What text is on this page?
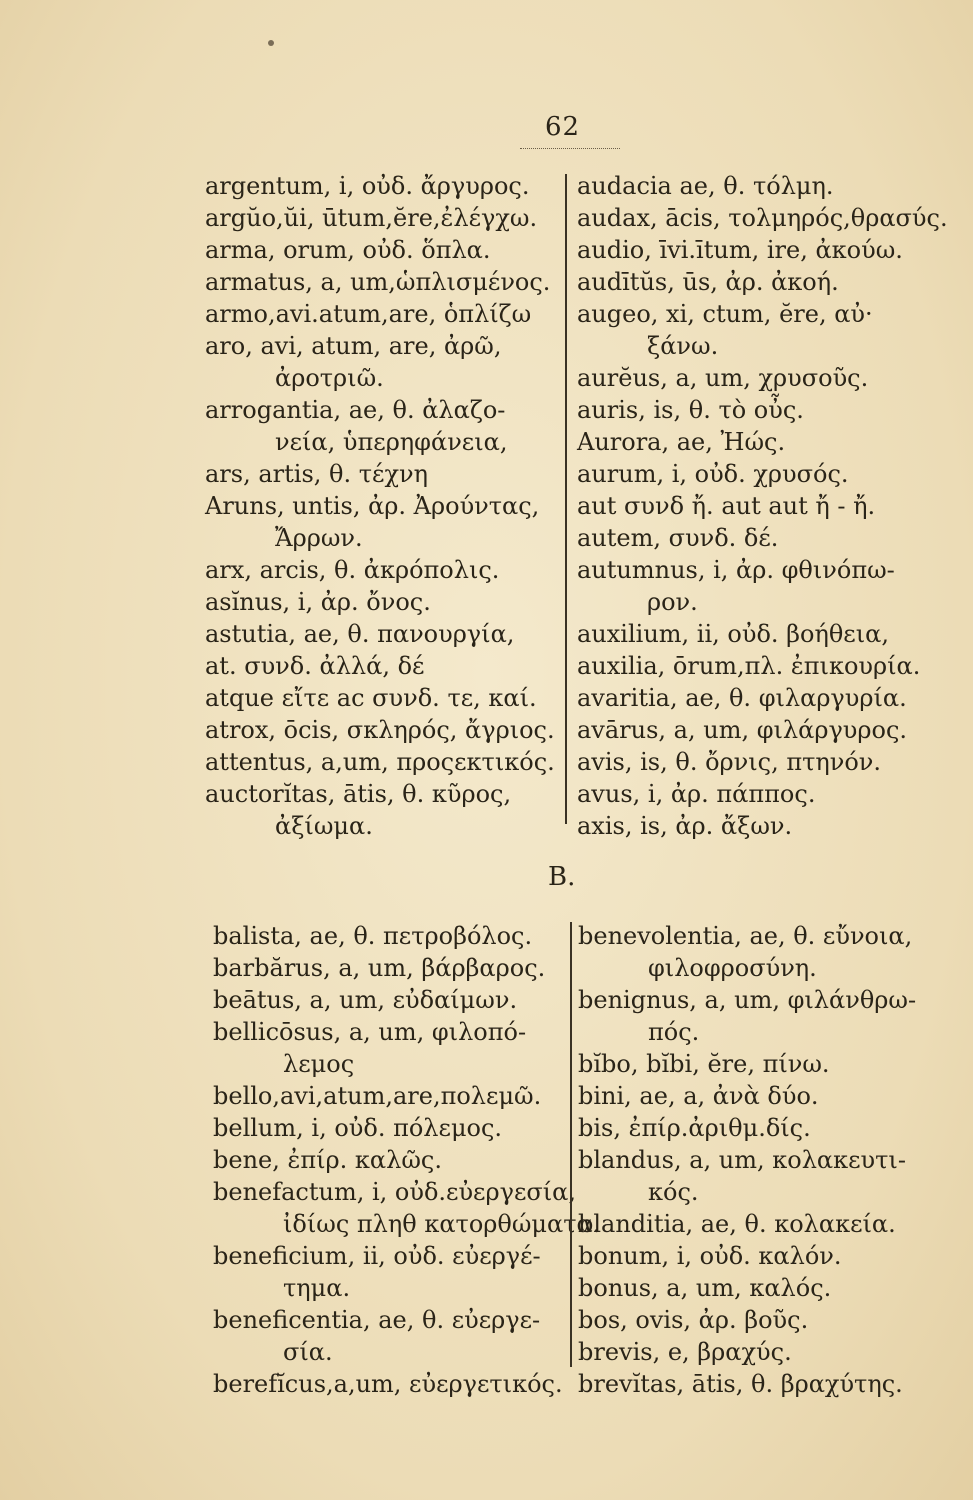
62
argentum, i, οὐδ. ἄργυρος.
argŭo,ŭi, ūtum,ĕre,ἐλέγχω.
arma, orum, οὐδ. ὅπλα.
armatus, a, um,ὡπλισμένος.
armo,avi.atum,are, ὁπλίζω
aro, avi, atum, are, ἀρῶ,
ἀροτριῶ.
arrogantia, ae, θ. ἀλαζο-
νεία, ὑπερηφάνεια,
ars, artis, θ. τέχνη
Aruns, untis, ἀρ. Ἀρούντας,
Ἄρρων.
arx, arcis, θ. ἀκρόπολις.
asĭnus, i, ἀρ. ὄνος.
astutia, ae, θ. πανουργία,
at. συνδ. ἀλλά, δέ
atque εἴτε ac συνδ. τε, καί.
atrox, ōcis, σκληρός, ἄγριος.
attentus, a,um, προςεκτικός.
auctorĭtas, ātis, θ. κῦρος,
ἀξίωμα.
audacia ae, θ. τόλμη.
audax, ācis, τολμηρός,θρασύς.
audio, īvi.ītum, ire, ἀκούω.
audītŭs, ūs, ἀρ. ἀκοή.
augeo, xi, ctum, ĕre, αὐ·
ξάνω.
aurĕus, a, um, χρυσοῦς.
auris, is, θ. τὸ οὖς.
Aurora, ae, Ἠώς.
aurum, i, οὐδ. χρυσός.
aut συνδ ἤ. aut aut ἤ - ἤ.
autem, συνδ. δέ.
autumnus, i, ἀρ. φθινόπω-
ρον.
auxilium, ii, οὐδ. βοήθεια,
auxilia, ōrum,πλ. ἐπικουρία.
avaritia, ae, θ. φιλαργυρία.
avārus, a, um, φιλάργυρος.
avis, is, θ. ὄρνις, πτηνόν.
avus, i, ἀρ. πάππος.
axis, is, ἀρ. ἄξων.
B.
balista, ae, θ. πετροβόλος.
barbărus, a, um, βάρβαρος.
beātus, a, um, εὐδαίμων.
bellicōsus, a, um, φιλοπό-
λεμος
bello,avi,atum,are,πολεμῶ.
bellum, i, οὐδ. πόλεμος.
bene, ἐπίρ. καλῶς.
benefactum, i, οὐδ.εὐεργεσία,
ἰδίως πληθ κατορθώματα.
beneficium, ii, οὐδ. εὐεργέ-
τημα.
beneficentia, ae, θ. εὐεργε-
σία.
berefĭcus,a,um, εὐεργετικός.
benevolentia, ae, θ. εὔνοια,
φιλοφροσύνη.
benignus, a, um, φιλάνθρω-
πός.
bĭbo, bĭbi, ĕre, πίνω.
bini, ae, a, ἀνὰ δύο.
bis, ἐπίρ.ἀριθμ.δίς.
blandus, a, um, κολακευτι-
κός.
blanditia, ae, θ. κολακεία.
bonum, i, οὐδ. καλόν.
bonus, a, um, καλός.
bos, ovis, ἀρ. βοῦς.
brevis, e, βραχύς.
brevĭtas, ātis, θ. βραχύτης.
